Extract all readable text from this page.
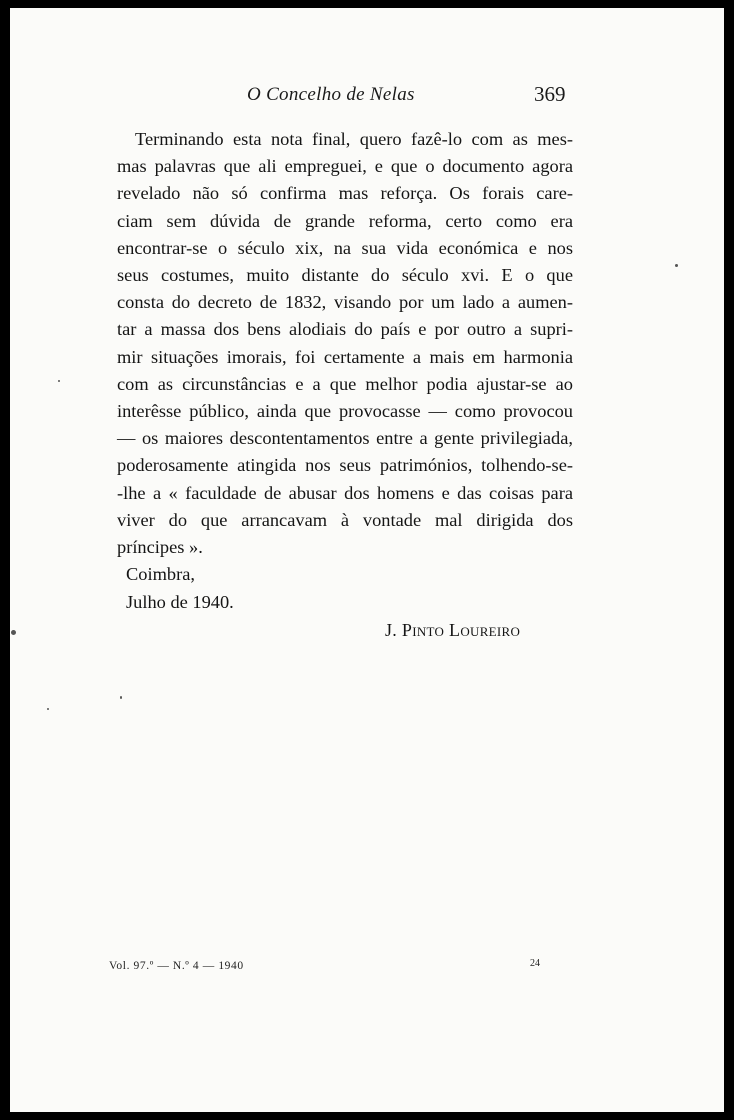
O Concelho de Nelas	369
Terminando esta nota final, quero fazê-lo com as mes-
mas palavras que ali empreguei, e que o documento agora
revelado não só confirma mas reforça. Os forais care-
ciam sem dúvida de grande reforma, certo como era
encontrar-se o século xix, na sua vida económica e nos
seus costumes, muito distante do século xvi. E o que
consta do decreto de 1832, visando por um lado a aumen-
tar a massa dos bens alodiais do país e por outro a supri-
mir situações imorais, foi certamente a mais em harmonia
com as circunstâncias e a que melhor podia ajustar-se ao
interêsse público, ainda que provocasse — como provocou
— os maiores descontentamentos entre a gente privilegiada,
poderosamente atingida nos seus patrimónios, tolhendo-se-
-lhe a « faculdade de abusar dos homens e das coisas para
viver do que arrancavam à vontade mal dirigida dos
príncipes ».
Coimbra,
Julho de 1940.
J. Pinto Loureiro
Vol. 97.º — N.º 4 — 1940	24
